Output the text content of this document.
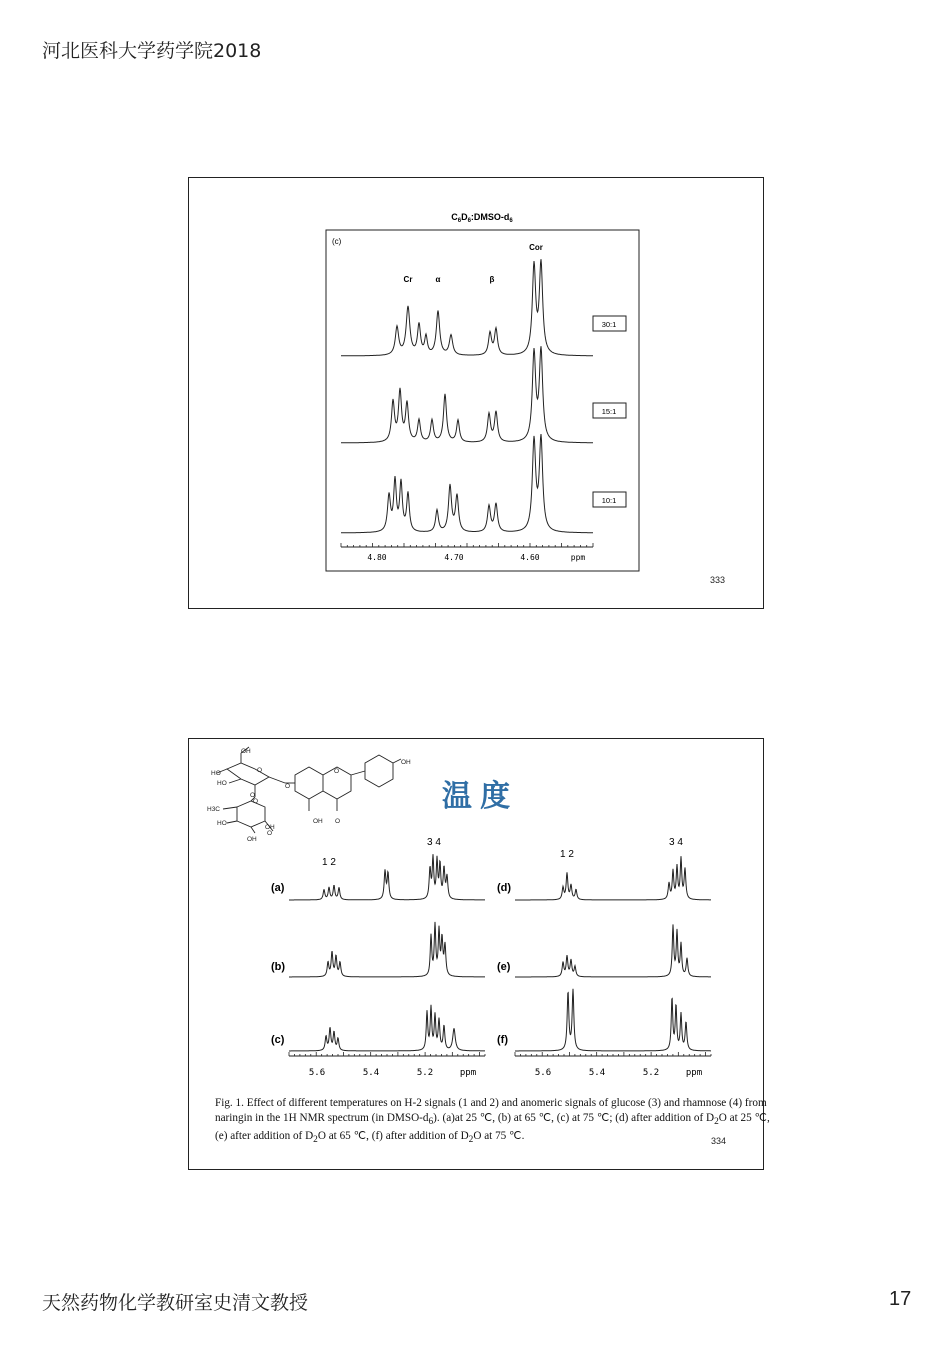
河北医科大学药学院2018
$C_6D_6:DMSO-d_6$
(c)
Cr	α	β
Cor
30:1
15:1
10:1
4.80	4.70	4.60	ppm
333
OH
HO
HO
O
H3C
HO
OH
OH
O
OH O
OH
O
O
O
O	温 度
(a)
(b)
(c)
(d)
(e)
(f)
1 2
3 4
1 2
3 4
5.6	5.4	5.2	ppm	5.6	5.4	5.2	ppm
Fig. 1. Effect of different temperatures on H-2 signals (1 and 2) and anomeric signals of glucose (3) and rhamnose (4) from naringin in the 1H NMR spectrum (in DMSO-$d_6$). (a)at 25 ℃, (b) at 65 ℃, (c) at 75 ℃; (d) after addition of $D_2O$ at 25 ℃, (e) after addition of $D_2O$ at 65 ℃, (f) after addition of $D_2O$ at 75 ℃.	334
天然药物化学教研室史清文教授	17
